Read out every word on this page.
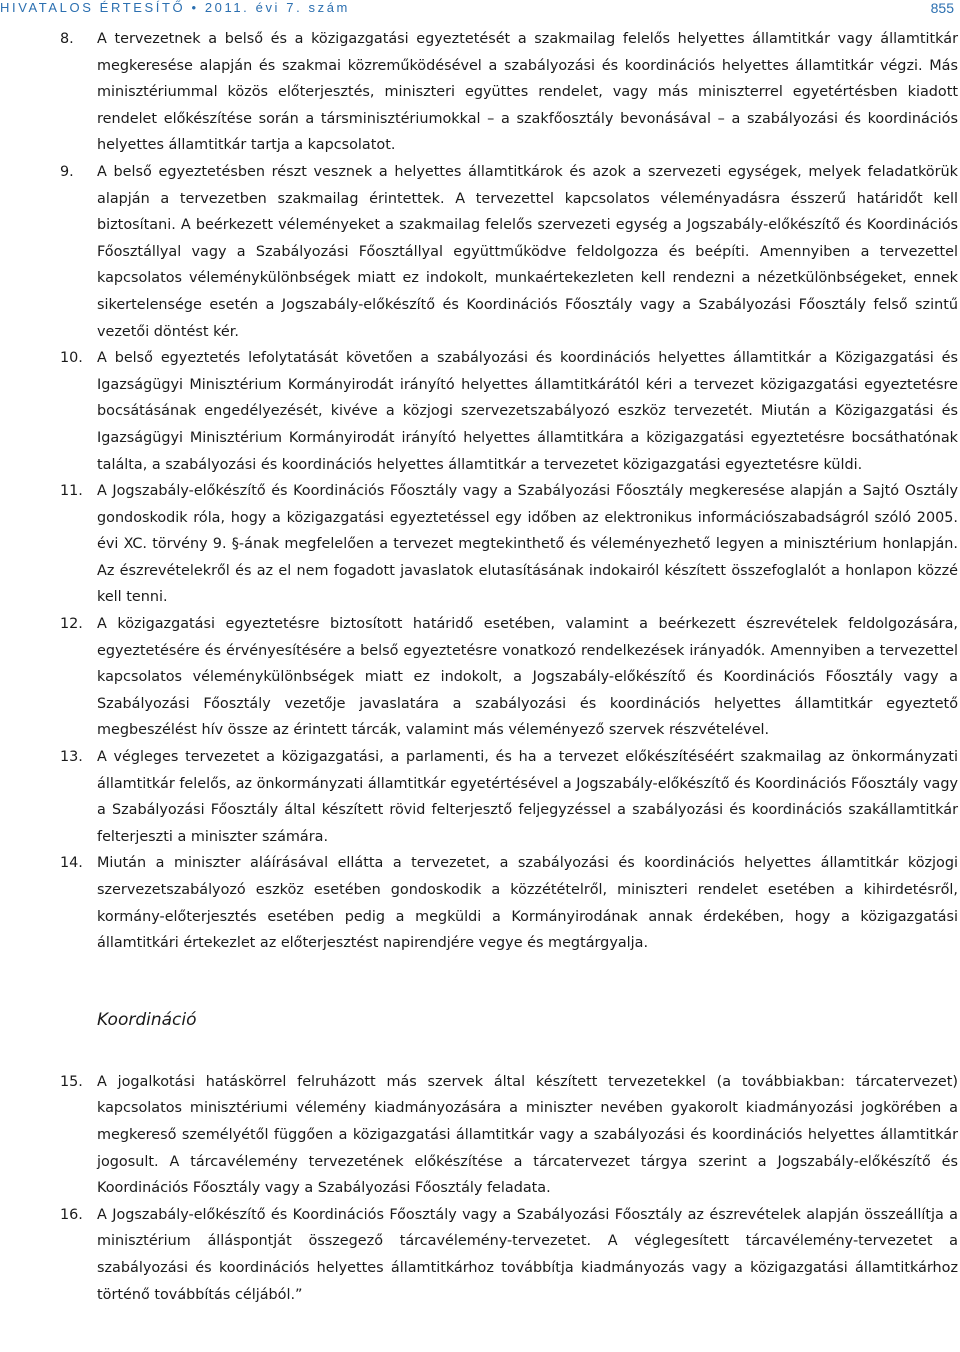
HIVATALOS ÉRTESÍTŐ • 2011. évi 7. szám	855
8.	A tervezetnek a belső és a közigazgatási egyeztetését a szakmailag felelős helyettes államtitkár vagy államtitkár megkeresése alapján és szakmai közreműködésével a szabályozási és koordinációs helyettes államtitkár végzi. Más minisztériummal közös előterjesztés, miniszteri együttes rendelet, vagy más miniszterrel egyetértésben kiadott rendelet előkészítése során a társminisztériumokkal – a szakfőosztály bevonásával – a szabályozási és koordinációs helyettes államtitkár tartja a kapcsolatot.
9.	A belső egyeztetésben részt vesznek a helyettes államtitkárok és azok a szervezeti egységek, melyek feladatkörük alapján a tervezetben szakmailag érintettek. A tervezettel kapcsolatos véleményadásra ésszerű határidőt kell biztosítani. A beérkezett véleményeket a szakmailag felelős szervezeti egység a Jogszabály-előkészítő és Koordinációs Főosztállyal vagy a Szabályozási Főosztállyal együttműködve feldolgozza és beépíti. Amennyiben a tervezettel kapcsolatos véleménykülönbségek miatt ez indokolt, munkaértekezleten kell rendezni a nézetkülönbségeket, ennek sikertelensége esetén a Jogszabály-előkészítő és Koordinációs Főosztály vagy a Szabályozási Főosztály felső szintű vezetői döntést kér.
10. A belső egyeztetés lefolytatását követően a szabályozási és koordinációs helyettes államtitkár a Közigazgatási és Igazságügyi Minisztérium Kormányirodát irányító helyettes államtitkárától kéri a tervezet közigazgatási egyeztetésre bocsátásának engedélyezését, kivéve a közjogi szervezetszabályozó eszköz tervezetét. Miután a Közigazgatási és Igazságügyi Minisztérium Kormányirodát irányító helyettes államtitkára a közigazgatási egyeztetésre bocsáthatónak találta, a szabályozási és koordinációs helyettes államtitkár a tervezetet közigazgatási egyeztetésre küldi.
11. A Jogszabály-előkészítő és Koordinációs Főosztály vagy a Szabályozási Főosztály megkeresése alapján a Sajtó Osztály gondoskodik róla, hogy a közigazgatási egyeztetéssel egy időben az elektronikus információszabadságról szóló 2005. évi XC. törvény 9. §-ának megfelelően a tervezet megtekinthető és véleményezhető legyen a minisztérium honlapján. Az észrevételekről és az el nem fogadott javaslatok elutasításának indokairól készített összefoglalót a honlapon közzé kell tenni.
12. A közigazgatási egyeztetésre biztosított határidő esetében, valamint a beérkezett észrevételek feldolgozására, egyeztetésére és érvényesítésére a belső egyeztetésre vonatkozó rendelkezések irányadók. Amennyiben a tervezettel kapcsolatos véleménykülönbségek miatt ez indokolt, a Jogszabály-előkészítő és Koordinációs Főosztály vagy a Szabályozási Főosztály vezetője javaslatára a szabályozási és koordinációs helyettes államtitkár egyeztető megbeszélést hív össze az érintett tárcák, valamint más véleményező szervek részvételével.
13. A végleges tervezetet a közigazgatási, a parlamenti, és ha a tervezet előkészítéséért szakmailag az önkormányzati államtitkár felelős, az önkormányzati államtitkár egyetértésével a Jogszabály-előkészítő és Koordinációs Főosztály vagy a Szabályozási Főosztály által készített rövid felterjesztő feljegyzéssel a szabályozási és koordinációs szakállamtitkár felterjeszti a miniszter számára.
14. Miután a miniszter aláírásával ellátta a tervezetet, a szabályozási és koordinációs helyettes államtitkár közjogi szervezetszabályozó eszköz esetében gondoskodik a közzétételről, miniszteri rendelet esetében a kihirdetésről, kormány-előterjesztés esetében pedig a megküldi a Kormányirodának annak érdekében, hogy a közigazgatási államtitkári értekezlet az előterjesztést napirendjére vegye és megtárgyalja.
Koordináció
15. A jogalkotási hatáskörrel felruházott más szervek által készített tervezetekkel (a továbbiakban: tárcatervezet) kapcsolatos minisztériumi vélemény kiadmányozására a miniszter nevében gyakorolt kiadmányozási jogkörében a megkereső személyétől függően a közigazgatási államtitkár vagy a szabályozási és koordinációs helyettes államtitkár jogosult. A tárcavélemény tervezetének előkészítése a tárcatervezet tárgya szerint a Jogszabály-előkészítő és Koordinációs Főosztály vagy a Szabályozási Főosztály feladata.
16. A Jogszabály-előkészítő és Koordinációs Főosztály vagy a Szabályozási Főosztály az észrevételek alapján összeállítja a minisztérium álláspontját összegező tárcavélemény-tervezetet. A véglegesített tárcavélemény-tervezetet a szabályozási és koordinációs helyettes államtitkárhoz továbbítja kiadmányozás vagy a közigazgatási államtitkárhoz történő továbbítás céljából.”
